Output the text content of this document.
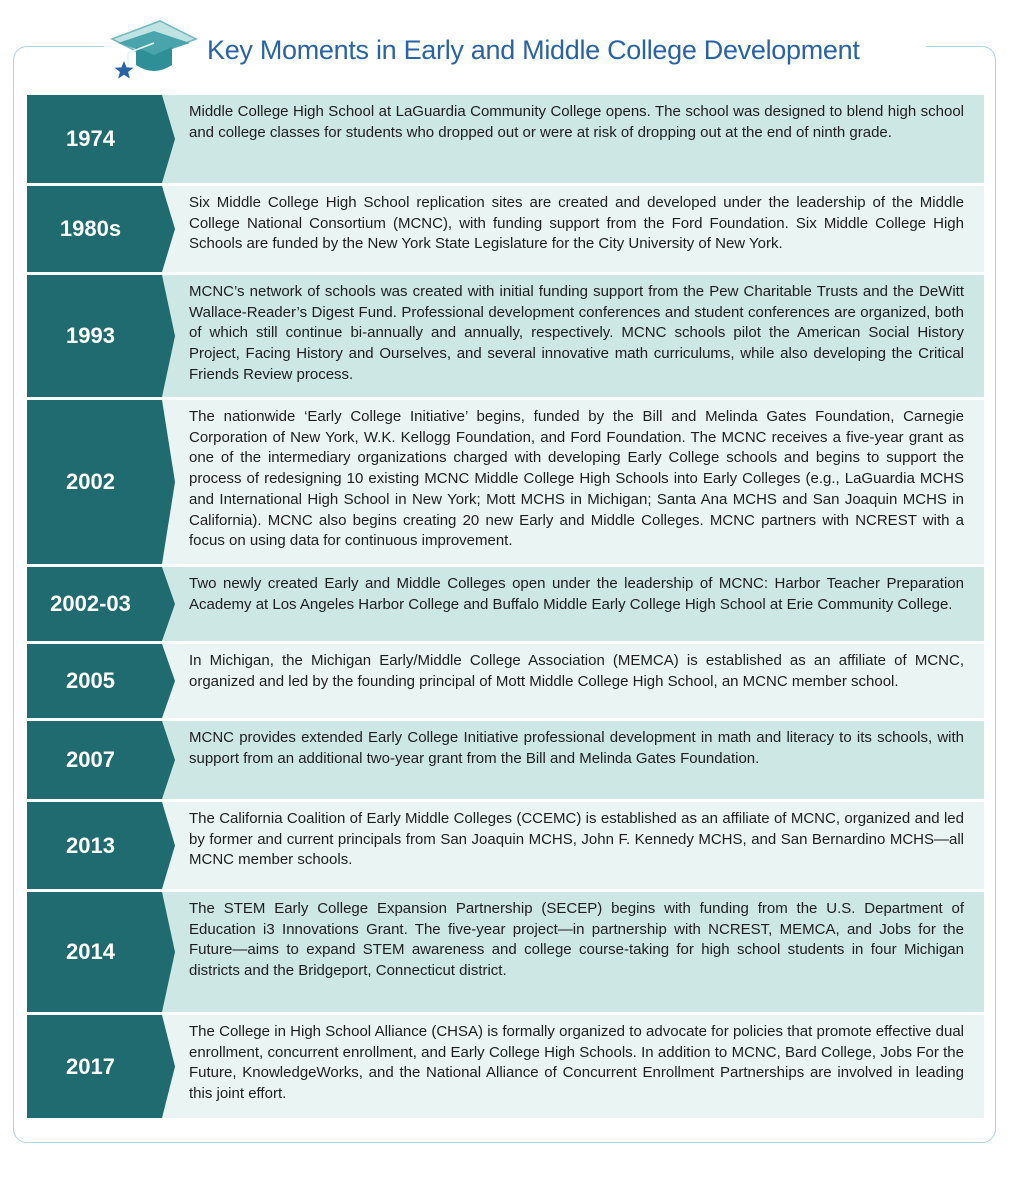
Key Moments in Early and Middle College Development
1974
Middle College High School at LaGuardia Community College opens. The school was designed to blend high school and college classes for students who dropped out or were at risk of dropping out at the end of ninth grade.
1980s
Six Middle College High School replication sites are created and developed under the leadership of the Middle College National Consortium (MCNC), with funding support from the Ford Foundation. Six Middle College High Schools are funded by the New York State Legislature for the City University of New York.
1993
MCNC’s network of schools was created with initial funding support from the Pew Charitable Trusts and the DeWitt Wallace-Reader’s Digest Fund. Professional development conferences and student conferences are organized, both of which still continue bi-annually and annually, respectively. MCNC schools pilot the American Social History Project, Facing History and Ourselves, and several innovative math curriculums, while also developing the Critical Friends Review process.
2002
The nationwide ‘Early College Initiative’ begins, funded by the Bill and Melinda Gates Foundation, Carnegie Corporation of New York, W.K. Kellogg Foundation, and Ford Foundation. The MCNC receives a five-year grant as one of the intermediary organizations charged with developing Early College schools and begins to support the process of redesigning 10 existing MCNC Middle College High Schools into Early Colleges (e.g., LaGuardia MCHS and International High School in New York; Mott MCHS in Michigan; Santa Ana MCHS and San Joaquin MCHS in California). MCNC also begins creating 20 new Early and Middle Colleges. MCNC partners with NCREST with a focus on using data for continuous improvement.
2002-03
Two newly created Early and Middle Colleges open under the leadership of MCNC: Harbor Teacher Preparation Academy at Los Angeles Harbor College and Buffalo Middle Early College High School at Erie Community College.
2005
In Michigan, the Michigan Early/Middle College Association (MEMCA) is established as an affiliate of MCNC, organized and led by the founding principal of Mott Middle College High School, an MCNC member school.
2007
MCNC provides extended Early College Initiative professional development in math and literacy to its schools, with support from an additional two-year grant from the Bill and Melinda Gates Foundation.
2013
The California Coalition of Early Middle Colleges (CCEMC) is established as an affiliate of MCNC, organized and led by former and current principals from San Joaquin MCHS, John F. Kennedy MCHS, and San Bernardino MCHS—all MCNC member schools.
2014
The STEM Early College Expansion Partnership (SECEP) begins with funding from the U.S. Department of Education i3 Innovations Grant. The five-year project—in partnership with NCREST, MEMCA, and Jobs for the Future—aims to expand STEM awareness and college course-taking for high school students in four Michigan districts and the Bridgeport, Connecticut district.
2017
The College in High School Alliance (CHSA) is formally organized to advocate for policies that promote effective dual enrollment, concurrent enrollment, and Early College High Schools. In addition to MCNC, Bard College, Jobs For the Future, KnowledgeWorks, and the National Alliance of Concurrent Enrollment Partnerships are involved in leading this joint effort.
